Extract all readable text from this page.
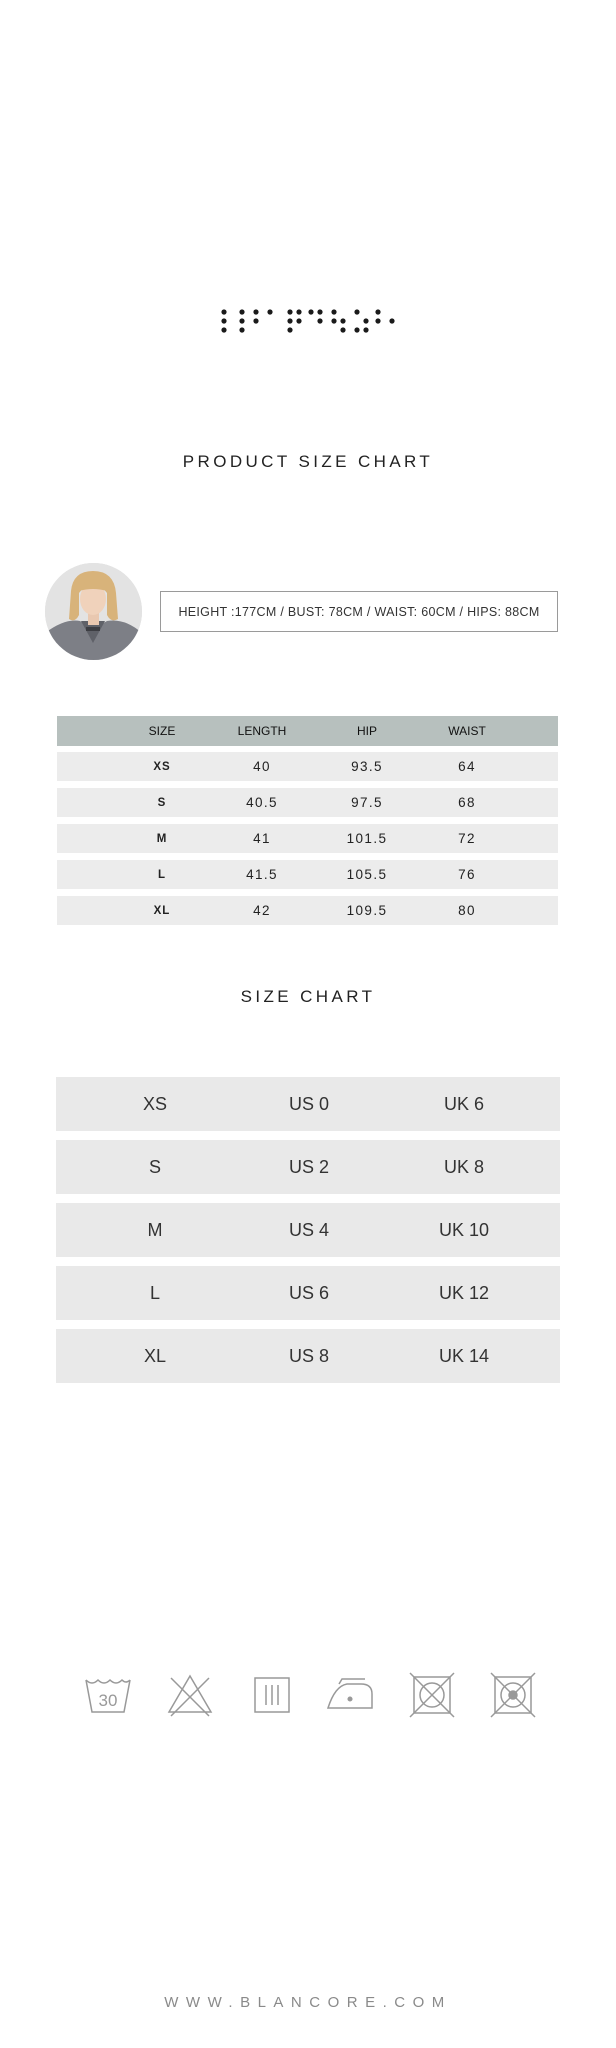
PRODUCT SIZE CHART
HEIGHT :177CM / BUST: 78CM / WAIST: 60CM / HIPS: 88CM
SIZE	LENGTH	HIP	WAIST
XS	40	93.5	64
S	40.5	97.5	68
M	41	101.5	72
L	41.5	105.5	76
XL	42	109.5	80
SIZE CHART
XS	US 0	UK 6
S	US 2	UK 8
M	US 4	UK 10
L	US 6	UK 12
XL	US 8	UK 14
30
WWW.BLANCORE.COM
